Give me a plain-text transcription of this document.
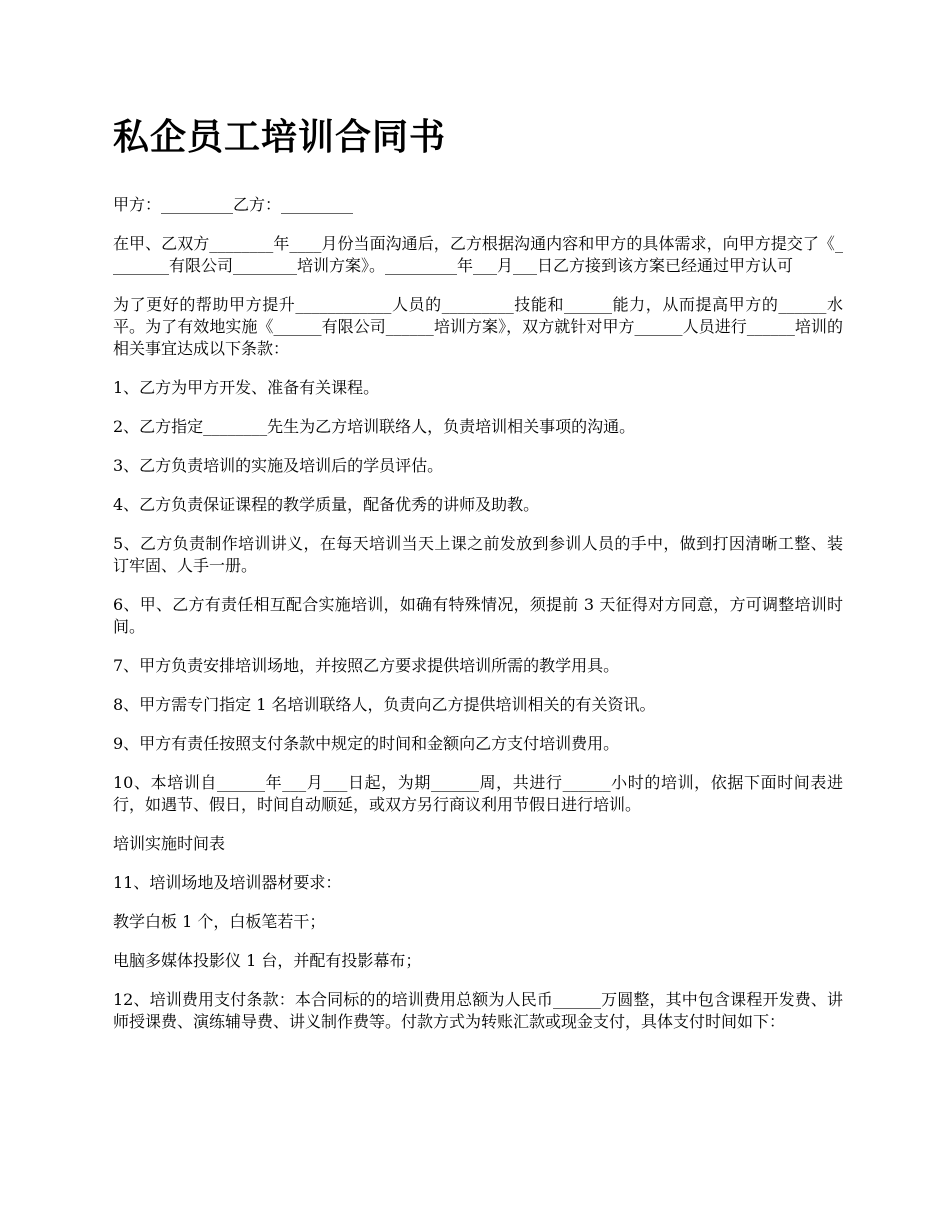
私企员工培训合同书

甲方：_________乙方：_________

在甲、乙双方________年____月份当面沟通后，乙方根据沟通内容和甲方的具体需求，向甲方提交了《________有限公司________培训方案》。_________年___月___日乙方接到该方案已经通过甲方认可

为了更好的帮助甲方提升____________人员的_________技能和______能力，从而提高甲方的______水平。为了有效地实施《______有限公司______培训方案》，双方就针对甲方______人员进行______培训的相关事宜达成以下条款：

1、乙方为甲方开发、准备有关课程。

2、乙方指定________先生为乙方培训联络人，负责培训相关事项的沟通。

3、乙方负责培训的实施及培训后的学员评估。

4、乙方负责保证课程的教学质量，配备优秀的讲师及助教。

5、乙方负责制作培训讲义，在每天培训当天上课之前发放到参训人员的手中，做到打因清晰工整、装订牢固、人手一册。

6、甲、乙方有责任相互配合实施培训，如确有特殊情况，须提前 3 天征得对方同意，方可调整培训时间。

7、甲方负责安排培训场地，并按照乙方要求提供培训所需的教学用具。

8、甲方需专门指定 1 名培训联络人，负责向乙方提供培训相关的有关资讯。

9、甲方有责任按照支付条款中规定的时间和金额向乙方支付培训费用。

10、本培训自______年___月___日起，为期______周，共进行______小时的培训，依据下面时间表进行，如遇节、假日，时间自动顺延，或双方另行商议利用节假日进行培训。

培训实施时间表

11、培训场地及培训器材要求：

教学白板 1 个，白板笔若干；

电脑多媒体投影仪 1 台，并配有投影幕布；

12、培训费用支付条款：本合同标的的培训费用总额为人民币______万圆整，其中包含课程开发费、讲师授课费、演练辅导费、讲义制作费等。付款方式为转账汇款或现金支付，具体支付时间如下：
